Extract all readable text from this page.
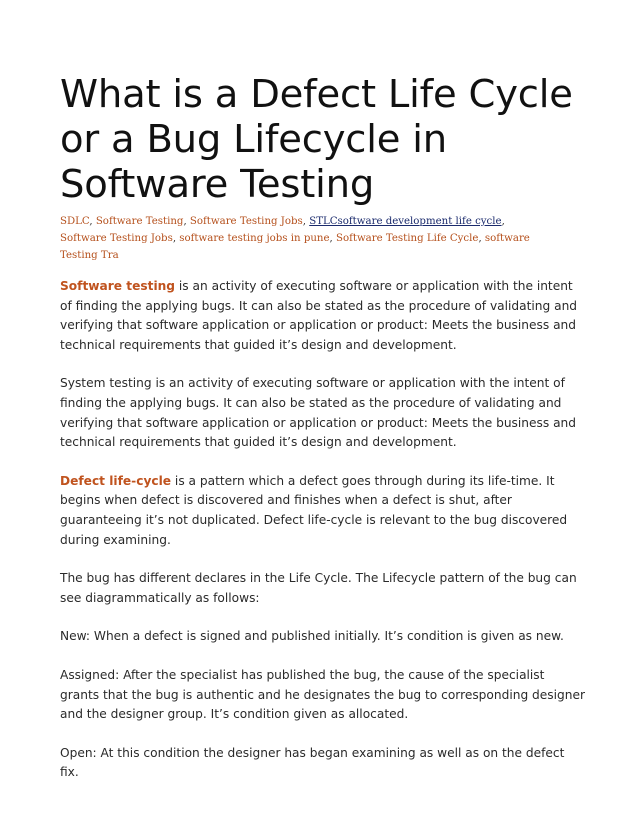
What is a Defect Life Cycle or a Bug Lifecycle in Software Testing
SDLC, Software Testing, Software Testing Jobs, STLCsoftware development life cycle, Software Testing Jobs, software testing jobs in pune, Software Testing Life Cycle, software Testing Tra

Software testing is an activity of executing software or application with the intent of finding the applying bugs. It can also be stated as the procedure of validating and verifying that software application or application or product: Meets the business and technical requirements that guided it’s design and development.

System testing is an activity of executing software or application with the intent of finding the applying bugs. It can also be stated as the procedure of validating and verifying that software application or application or product: Meets the business and technical requirements that guided it’s design and development.

Defect life-cycle is a pattern which a defect goes through during its life-time. It begins when defect is discovered and finishes when a defect is shut, after guaranteeing it’s not duplicated. Defect life-cycle is relevant to the bug discovered during examining.

The bug has different declares in the Life Cycle. The Lifecycle pattern of the bug can see diagrammatically as follows:

New: When a defect is signed and published initially. It’s condition is given as new.

Assigned: After the specialist has published the bug, the cause of the specialist grants that the bug is authentic and he designates the bug to corresponding designer and the designer group. It’s condition given as allocated.

Open: At this condition the designer has began examining as well as on the defect fix.
